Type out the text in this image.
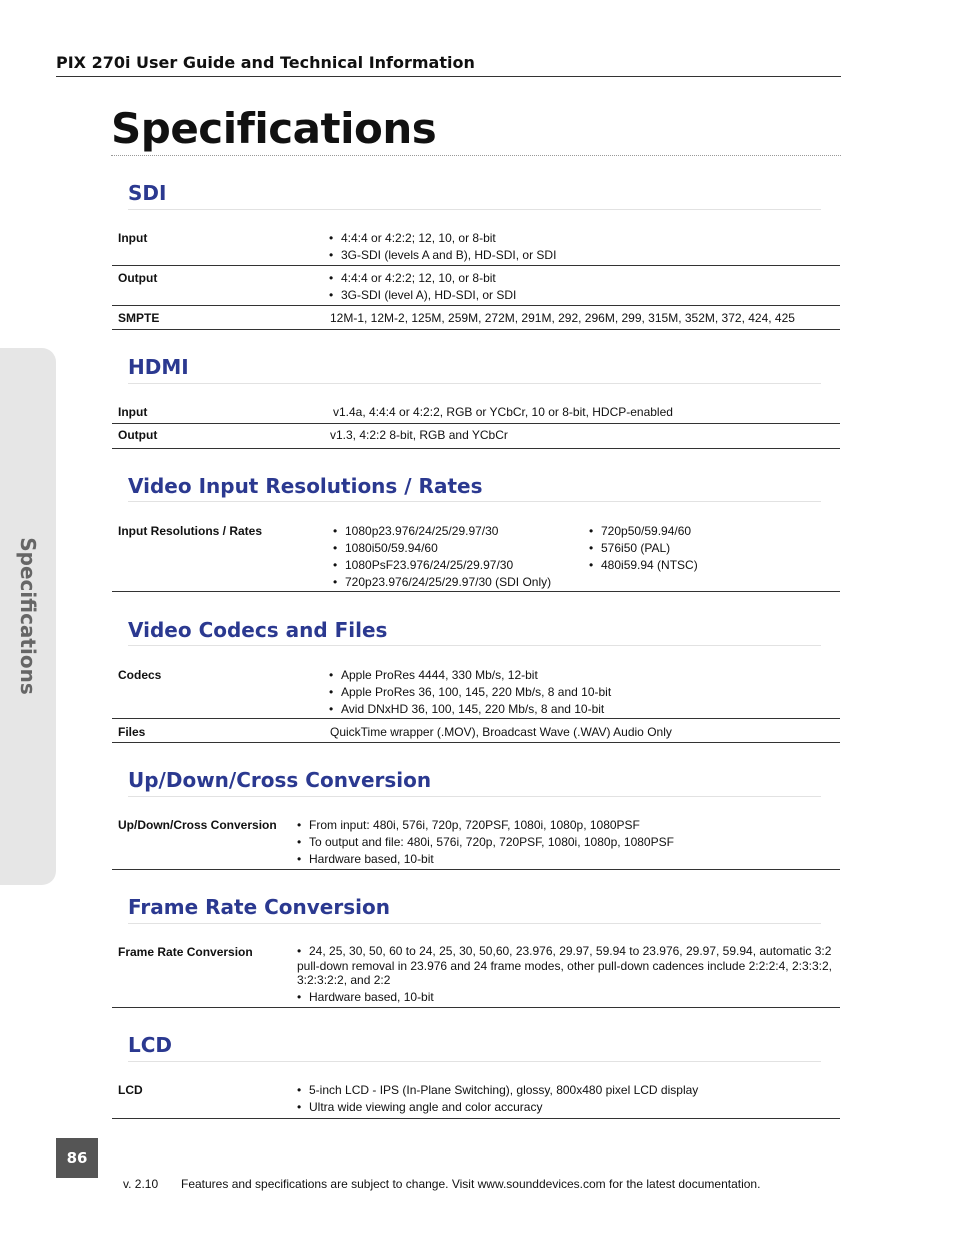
PIX 270i User Guide and Technical Information
Specifications
Specifications
SDI
Input	• 4:4:4 or 4:2:2; 12, 10, or 8-bit
• 3G-SDI (levels A and B), HD-SDI, or SDI
Output	• 4:4:4 or 4:2:2; 12, 10, or 8-bit
• 3G-SDI (level A), HD-SDI, or SDI
SMPTE	12M-1, 12M-2, 125M, 259M, 272M, 291M, 292, 296M, 299, 315M, 352M, 372, 424, 425
HDMI
Input	v1.4a, 4:4:4 or 4:2:2, RGB or YCbCr, 10 or 8-bit, HDCP-enabled
Output	v1.3, 4:2:2 8-bit, RGB and YCbCr
Video Input Resolutions / Rates
Input Resolutions / Rates	• 1080p23.976/24/25/29.97/30
• 1080i50/59.94/60
• 1080PsF23.976/24/25/29.97/30
• 720p23.976/24/25/29.97/30 (SDI Only)
• 720p50/59.94/60
• 576i50 (PAL)
• 480i59.94 (NTSC)
Video Codecs and Files
Codecs	• Apple ProRes 4444, 330 Mb/s, 12-bit
• Apple ProRes 36, 100, 145, 220 Mb/s, 8 and 10-bit
• Avid DNxHD 36, 100, 145, 220 Mb/s, 8 and 10-bit
Files	QuickTime wrapper (.MOV), Broadcast Wave (.WAV) Audio Only
Up/Down/Cross Conversion
Up/Down/Cross Conversion	• From input: 480i, 576i, 720p, 720PSF, 1080i, 1080p, 1080PSF
• To output and file: 480i, 576i, 720p, 720PSF, 1080i, 1080p, 1080PSF
• Hardware based, 10-bit
Frame Rate Conversion
Frame Rate Conversion	• 24, 25, 30, 50, 60 to 24, 25, 30, 50,60, 23.976, 29.97, 59.94 to 23.976, 29.97, 59.94, automatic 3:2 pull-down removal in 23.976 and 24 frame modes, other pull-down cadences include 2:2:2:4, 2:3:3:2, 3:2:3:2:2, and 2:2
• Hardware based, 10-bit
LCD
LCD	• 5-inch LCD - IPS (In-Plane Switching), glossy, 800x480 pixel LCD display
• Ultra wide viewing angle and color accuracy
86
v. 2.10 Features and specifications are subject to change. Visit www.sounddevices.com for the latest documentation.
